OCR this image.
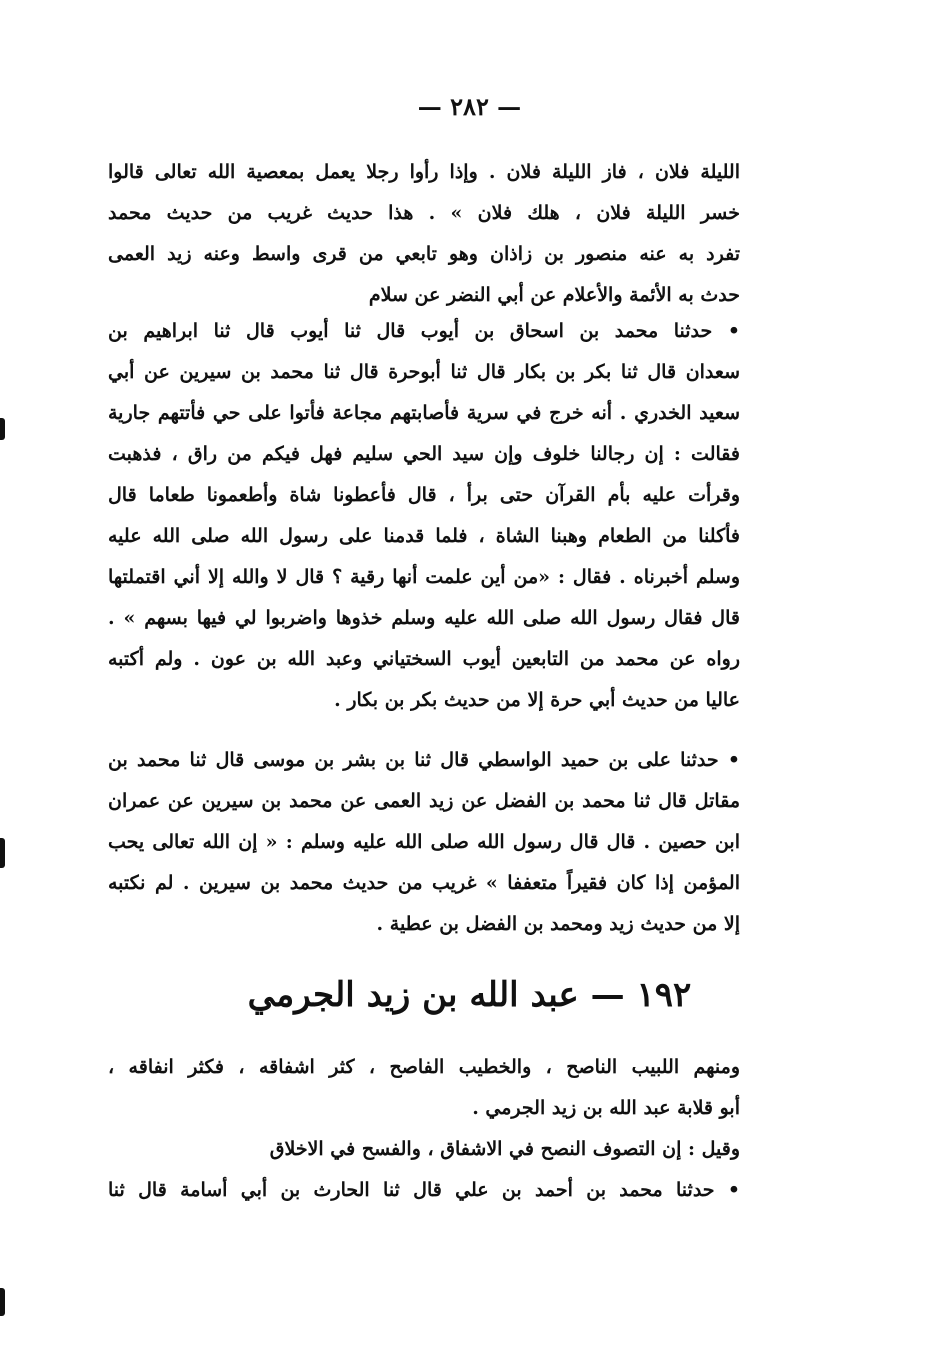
— ٢٨٢ —
الليلة فلان ، فاز الليلة فلان . وإذا رأوا رجلا يعمل بمعصية الله تعالى قالوا
خسر الليلة فلان ، هلك فلان » . هذا حديث غريب من حديث محمد
تفرد به عنه منصور بن زاذان وهو تابعي من قرى واسط وعنه زيد العمى
حدث به الأئمة والأعلام عن أبي النضر عن سلام
• حدثنا محمد بن اسحاق بن أيوب قال ثنا أيوب قال ثنا ابراهيم بن
سعدان قال ثنا بكر بن بكار قال ثنا أبوحرة قال ثنا محمد بن سيرين عن أبي
سعيد الخدري . أنه خرج في سرية فأصابتهم مجاعة فأتوا على حي فأتتهم جارية
فقالت : إن رجالنا خلوف وإن سيد الحي سليم فهل فيكم من راق ، فذهبت
وقرأت عليه بأم القرآن حتى برأ ، قال فأعطونا شاة وأطعمونا طعاما قال
فأكلنا من الطعام وهبنا الشاة ، فلما قدمنا على رسول الله صلى الله عليه
وسلم أخبرناه . فقال : «من أين علمت أنها رقية ؟ قال لا والله إلا أني اقتملتها
قال فقال رسول الله صلى الله عليه وسلم خذوها واضربوا لي فيها بسهم » .
رواه عن محمد من التابعين أيوب السختياني وعبد الله بن عون . ولم أكتبه
عاليا من حديث أبي حرة إلا من حديث بكر بن بكار .
• حدثنا على بن حميد الواسطي قال ثنا بن بشر بن موسى قال ثنا محمد بن
مقاتل قال ثنا محمد بن الفضل عن زيد العمى عن محمد بن سيرين عن عمران
ابن حصين . قال قال رسول الله صلى الله عليه وسلم : « إن الله تعالى يحب
المؤمن إذا كان فقيراً متعففا » غريب من حديث محمد بن سيرين . لم نكتبه
إلا من حديث زيد ومحمد بن الفضل بن عطية .
١٩٢ — عبد الله بن زيد الجرمي
ومنهم اللبيب الناصح ، والخطيب الفاصح ، كثر اشفاقه ، فكثر انفاقه ،
أبو قلابة عبد الله بن زيد الجرمي .
وقيل : إن التصوف النصح في الاشفاق ، والفسح في الاخلاق
• حدثنا محمد بن أحمد بن علي قال ثنا الحارث بن أبي أسامة قال ثنا
